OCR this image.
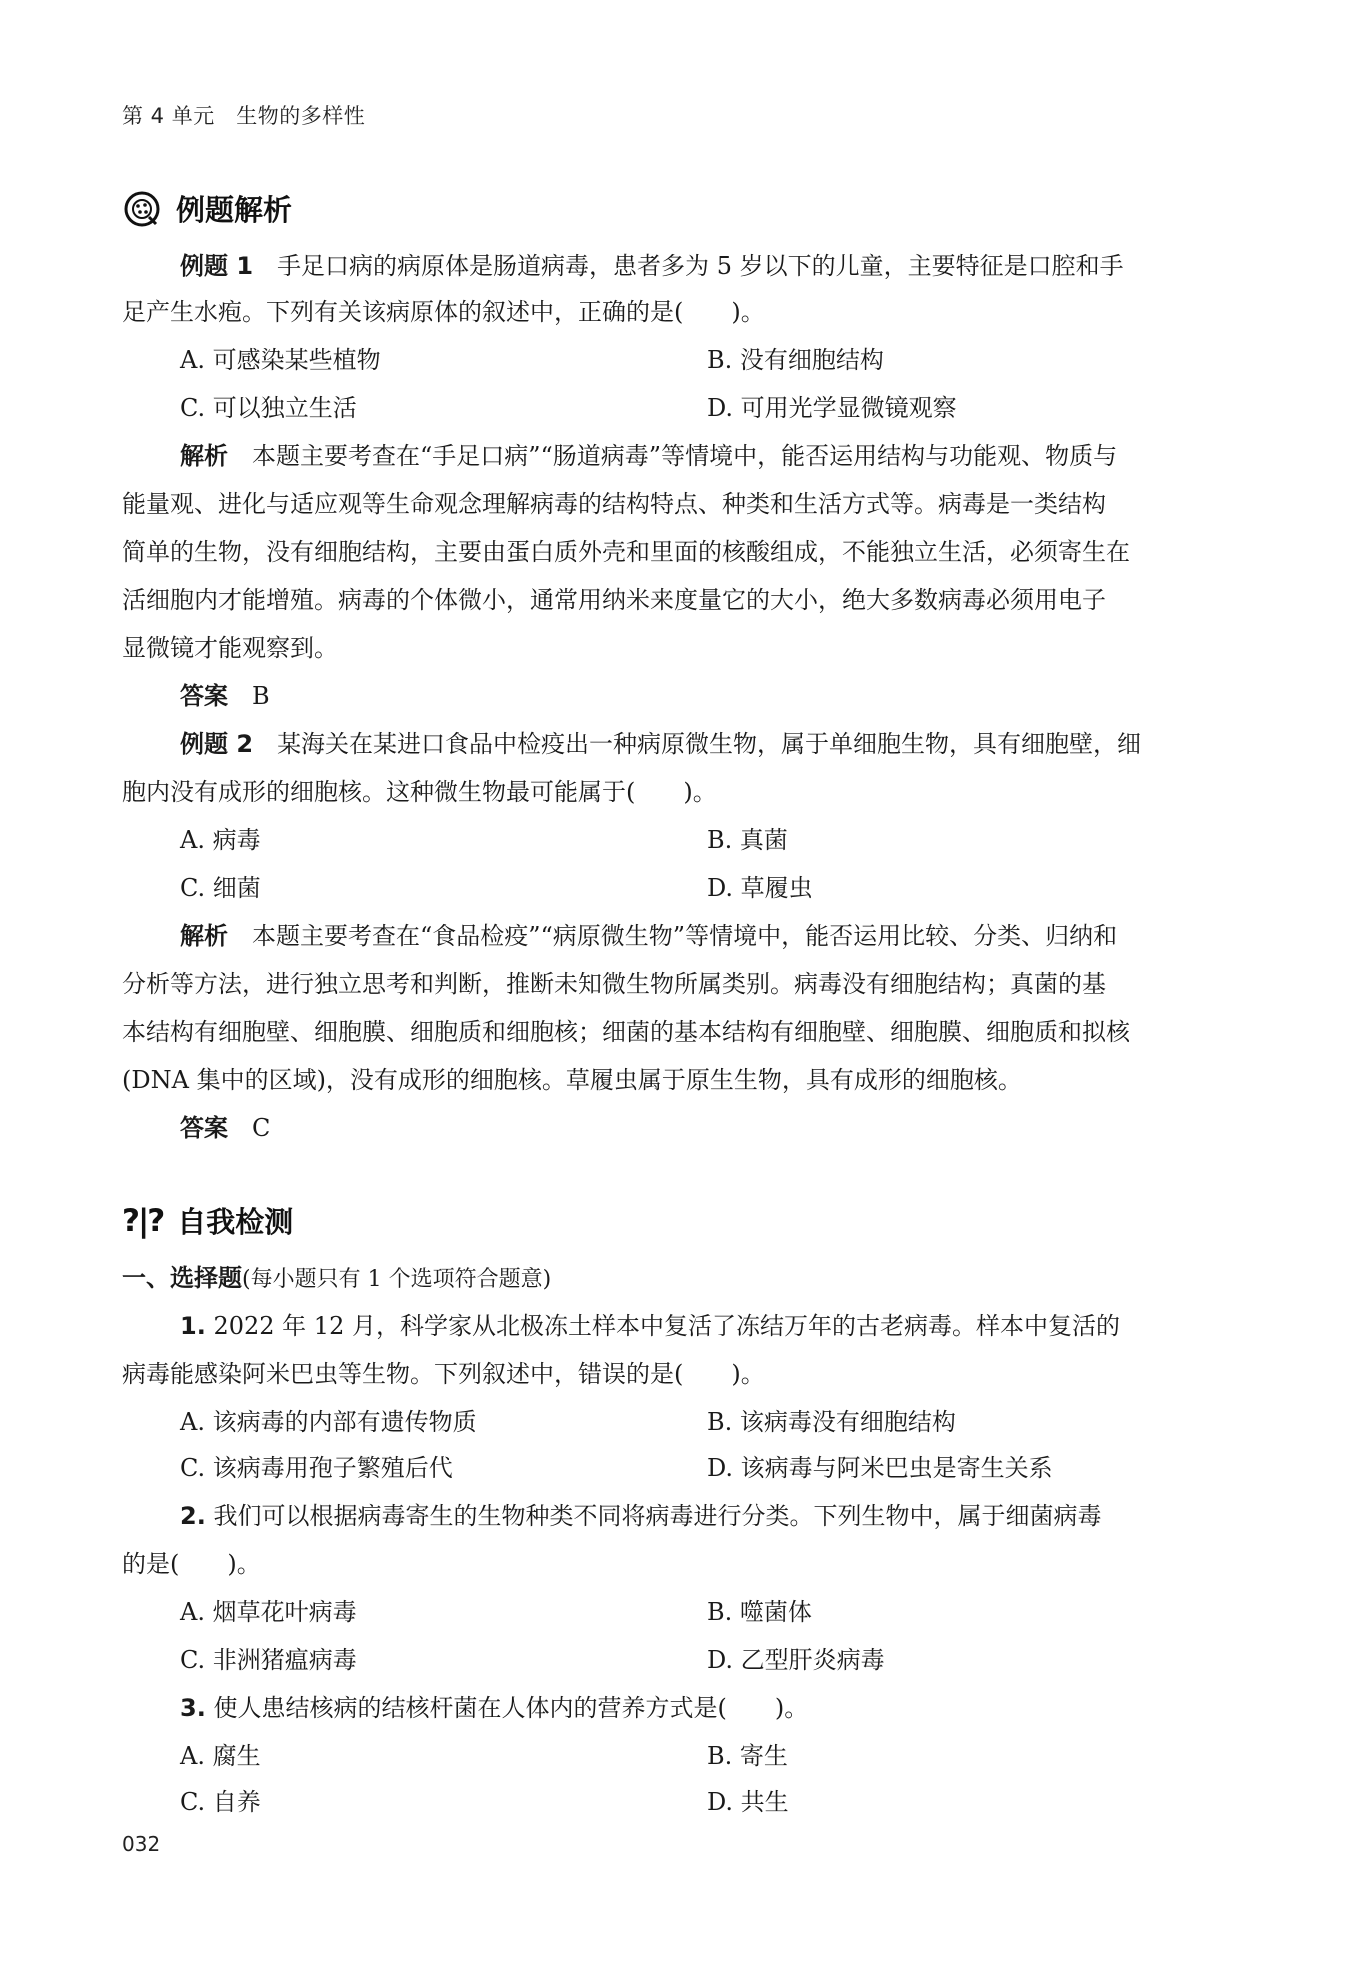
第 4 单元　生物的多样性
例题解析
例题 1　 手足口病的病原体是肠道病毒，患者多为 5 岁以下的儿童，主要特征是口腔和手
足产生水疱。下列有关该病原体的叙述中，正确的是(　　)。
A. 可感染某些植物	B. 没有细胞结构
C. 可以独立生活	D. 可用光学显微镜观察
解析　 本题主要考查在“手足口病”“肠道病毒”等情境中，能否运用结构与功能观、物质与
能量观、进化与适应观等生命观念理解病毒的结构特点、种类和生活方式等。病毒是一类结构
简单的生物，没有细胞结构，主要由蛋白质外壳和里面的核酸组成，不能独立生活，必须寄生在
活细胞内才能增殖。病毒的个体微小，通常用纳米来度量它的大小，绝大多数病毒必须用电子
显微镜才能观察到。
答案　 B
例题 2　 某海关在某进口食品中检疫出一种病原微生物，属于单细胞生物，具有细胞壁，细
胞内没有成形的细胞核。这种微生物最可能属于(　　)。
A. 病毒	B. 真菌
C. 细菌	D. 草履虫
解析　 本题主要考查在“食品检疫”“病原微生物”等情境中，能否运用比较、分类、归纳和
分析等方法，进行独立思考和判断，推断未知微生物所属类别。病毒没有细胞结构；真菌的基
本结构有细胞壁、细胞膜、细胞质和细胞核；细菌的基本结构有细胞壁、细胞膜、细胞质和拟核
(DNA 集中的区域)，没有成形的细胞核。草履虫属于原生生物，具有成形的细胞核。
答案　 C
?|? 自我检测
一、选择题(每小题只有 1 个选项符合题意)
1. 2022 年 12 月，科学家从北极冻土样本中复活了冻结万年的古老病毒。样本中复活的
病毒能感染阿米巴虫等生物。下列叙述中，错误的是(　　)。
A. 该病毒的内部有遗传物质	B. 该病毒没有细胞结构
C. 该病毒用孢子繁殖后代	D. 该病毒与阿米巴虫是寄生关系
2. 我们可以根据病毒寄生的生物种类不同将病毒进行分类。下列生物中，属于细菌病毒
的是(　　)。
A. 烟草花叶病毒	B. 噬菌体
C. 非洲猪瘟病毒	D. 乙型肝炎病毒
3. 使人患结核病的结核杆菌在人体内的营养方式是(　　)。
A. 腐生	B. 寄生
C. 自养	D. 共生
032
